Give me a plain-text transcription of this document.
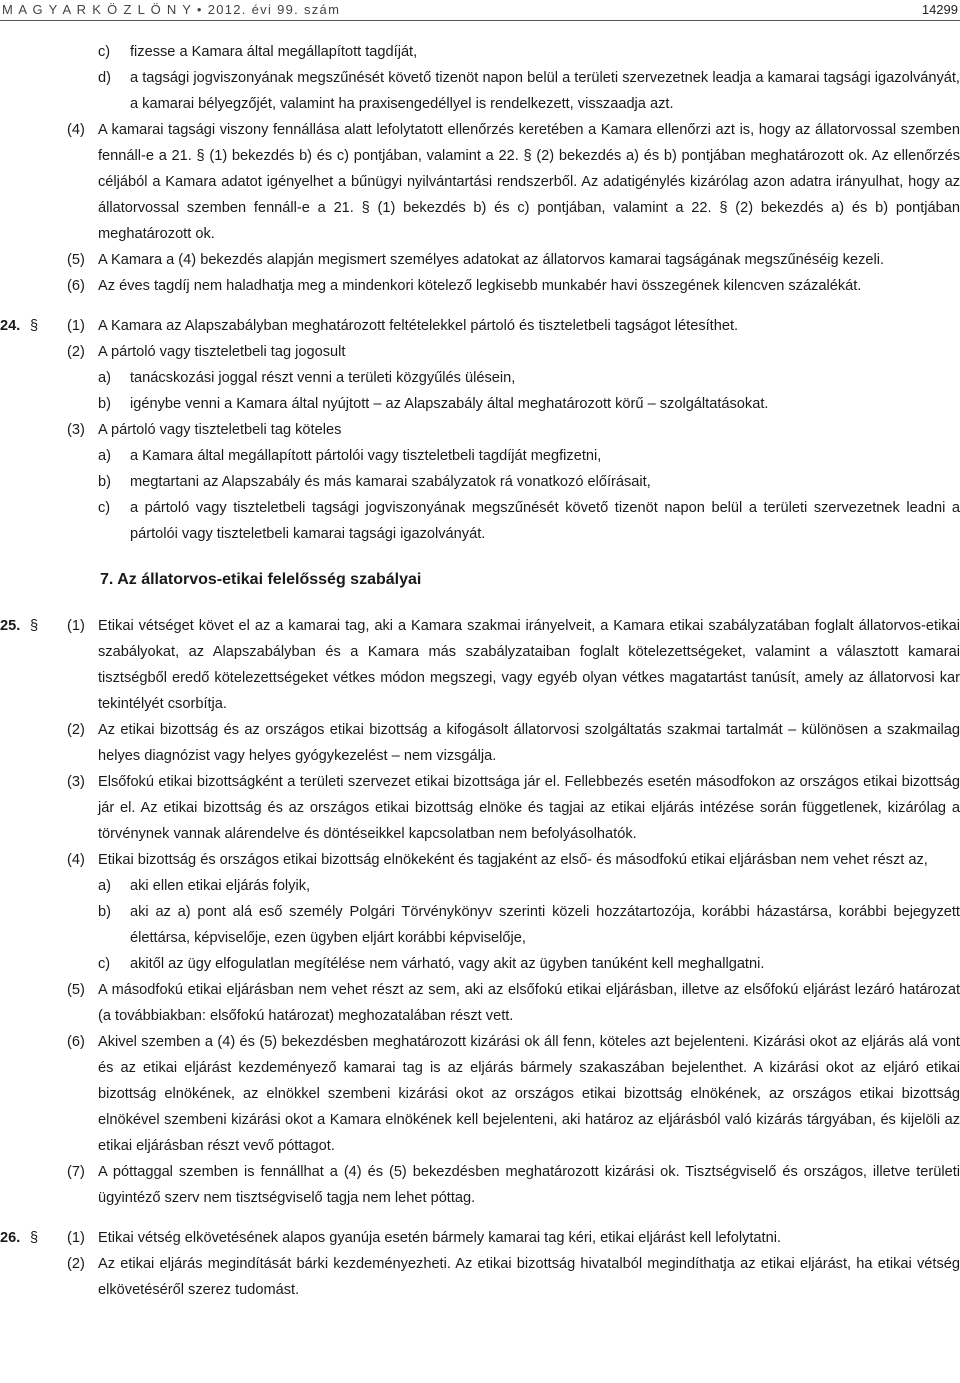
M A G Y A R K Ö Z L Ö N Y • 2012. évi 99. szám	14299
c) fizesse a Kamara által megállapított tagdíját,
d) a tagsági jogviszonyának megszűnését követő tizenöt napon belül a területi szervezetnek leadja a kamarai tagsági igazolványát, a kamarai bélyegzőjét, valamint ha praxisengedéllyel is rendelkezett, visszaadja azt.
(4) A kamarai tagsági viszony fennállása alatt lefolytatott ellenőrzés keretében a Kamara ellenőrzi azt is, hogy az állatorvossal szemben fennáll-e a 21. § (1) bekezdés b) és c) pontjában, valamint a 22. § (2) bekezdés a) és b) pontjában meghatározott ok. Az ellenőrzés céljából a Kamara adatot igényelhet a bűnügyi nyilvántartási rendszerből. Az adatigénylés kizárólag azon adatra irányulhat, hogy az állatorvossal szemben fennáll-e a 21. § (1) bekezdés b) és c) pontjában, valamint a 22. § (2) bekezdés a) és b) pontjában meghatározott ok.
(5) A Kamara a (4) bekezdés alapján megismert személyes adatokat az állatorvos kamarai tagságának megszűnéséig kezeli.
(6) Az éves tagdíj nem haladhatja meg a mindenkori kötelező legkisebb munkabér havi összegének kilencven százalékát.
24. § (1) A Kamara az Alapszabályban meghatározott feltételekkel pártoló és tiszteletbeli tagságot létesíthet.
(2) A pártoló vagy tiszteletbeli tag jogosult
a) tanácskozási joggal részt venni a területi közgyűlés ülésein,
b) igénybe venni a Kamara által nyújtott – az Alapszabály által meghatározott körű – szolgáltatásokat.
(3) A pártoló vagy tiszteletbeli tag köteles
a) a Kamara által megállapított pártolói vagy tiszteletbeli tagdíját megfizetni,
b) megtartani az Alapszabály és más kamarai szabályzatok rá vonatkozó előírásait,
c) a pártoló vagy tiszteletbeli tagsági jogviszonyának megszűnését követő tizenöt napon belül a területi szervezetnek leadni a pártolói vagy tiszteletbeli kamarai tagsági igazolványát.
7. Az állatorvos-etikai felelősség szabályai
25. § (1) Etikai vétséget követ el az a kamarai tag, aki a Kamara szakmai irányelveit, a Kamara etikai szabályzatában foglalt állatorvos-etikai szabályokat, az Alapszabályban és a Kamara más szabályzataiban foglalt kötelezettségeket, valamint a választott kamarai tisztségből eredő kötelezettségeket vétkes módon megszegi, vagy egyéb olyan vétkes magatartást tanúsít, amely az állatorvosi kar tekintélyét csorbítja.
(2) Az etikai bizottság és az országos etikai bizottság a kifogásolt állatorvosi szolgáltatás szakmai tartalmát – különösen a szakmailag helyes diagnózist vagy helyes gyógykezelést – nem vizsgálja.
(3) Elsőfokú etikai bizottságként a területi szervezet etikai bizottsága jár el. Fellebbezés esetén másodfokon az országos etikai bizottság jár el. Az etikai bizottság és az országos etikai bizottság elnöke és tagjai az etikai eljárás intézése során függetlenek, kizárólag a törvénynek vannak alárendelve és döntéseikkel kapcsolatban nem befolyásolhatók.
(4) Etikai bizottság és országos etikai bizottság elnökeként és tagjaként az első- és másodfokú etikai eljárásban nem vehet részt az,
a) aki ellen etikai eljárás folyik,
b) aki az a) pont alá eső személy Polgári Törvénykönyv szerinti közeli hozzátartozója, korábbi házastársa, korábbi bejegyzett élettársa, képviselője, ezen ügyben eljárt korábbi képviselője,
c) akitől az ügy elfogulatlan megítélése nem várható, vagy akit az ügyben tanúként kell meghallgatni.
(5) A másodfokú etikai eljárásban nem vehet részt az sem, aki az elsőfokú etikai eljárásban, illetve az elsőfokú eljárást lezáró határozat (a továbbiakban: elsőfokú határozat) meghozatalában részt vett.
(6) Akivel szemben a (4) és (5) bekezdésben meghatározott kizárási ok áll fenn, köteles azt bejelenteni. Kizárási okot az eljárás alá vont és az etikai eljárást kezdeményező kamarai tag is az eljárás bármely szakaszában bejelenthet. A kizárási okot az eljáró etikai bizottság elnökének, az elnökkel szembeni kizárási okot az országos etikai bizottság elnökének, az országos etikai bizottság elnökével szembeni kizárási okot a Kamara elnökének kell bejelenteni, aki határoz az eljárásból való kizárás tárgyában, és kijelöli az etikai eljárásban részt vevő póttagot.
(7) A póttaggal szemben is fennállhat a (4) és (5) bekezdésben meghatározott kizárási ok. Tisztségviselő és országos, illetve területi ügyintéző szerv nem tisztségviselő tagja nem lehet póttag.
26. § (1) Etikai vétség elkövetésének alapos gyanúja esetén bármely kamarai tag kéri, etikai eljárást kell lefolytatni.
(2) Az etikai eljárás megindítását bárki kezdeményezheti. Az etikai bizottság hivatalból megindíthatja az etikai eljárást, ha etikai vétség elkövetéséről szerez tudomást.
